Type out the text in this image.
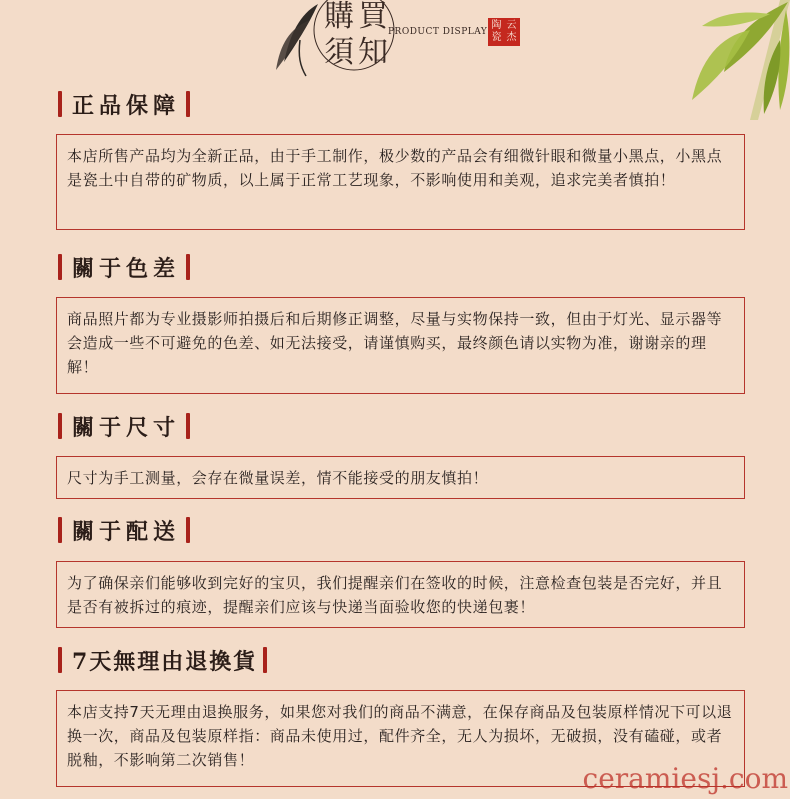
購買
須知
PRODUCT DISPLAY
陶 云
瓷 杰
正品保障
本店所售产品均为全新正品，由于手工制作，极少数的产品会有细微针眼和微量小黑点，小黑点是瓷土中自带的矿物质，以上属于正常工艺现象，不影响使用和美观，追求完美者慎拍！
關于色差
商品照片都为专业摄影师拍摄后和后期修正调整，尽量与实物保持一致，但由于灯光、显示器等会造成一些不可避免的色差、如无法接受，请谨慎购买，最终颜色请以实物为准，谢谢亲的理解！
關于尺寸
尺寸为手工测量，会存在微量误差，情不能接受的朋友慎拍！
關于配送
为了确保亲们能够收到完好的宝贝，我们提醒亲们在签收的时候，注意检查包装是否完好，并且是否有被拆过的痕迹，提醒亲们应该与快递当面验收您的快递包裹！
7天無理由退換貨
本店支持7天无理由退换服务，如果您对我们的商品不满意，在保存商品及包装原样情况下可以退换一次，商品及包装原样指：商品未使用过，配件齐全，无人为损坏，无破损，没有磕碰，或者脱釉，不影响第二次销售！
ceramiesj.com
